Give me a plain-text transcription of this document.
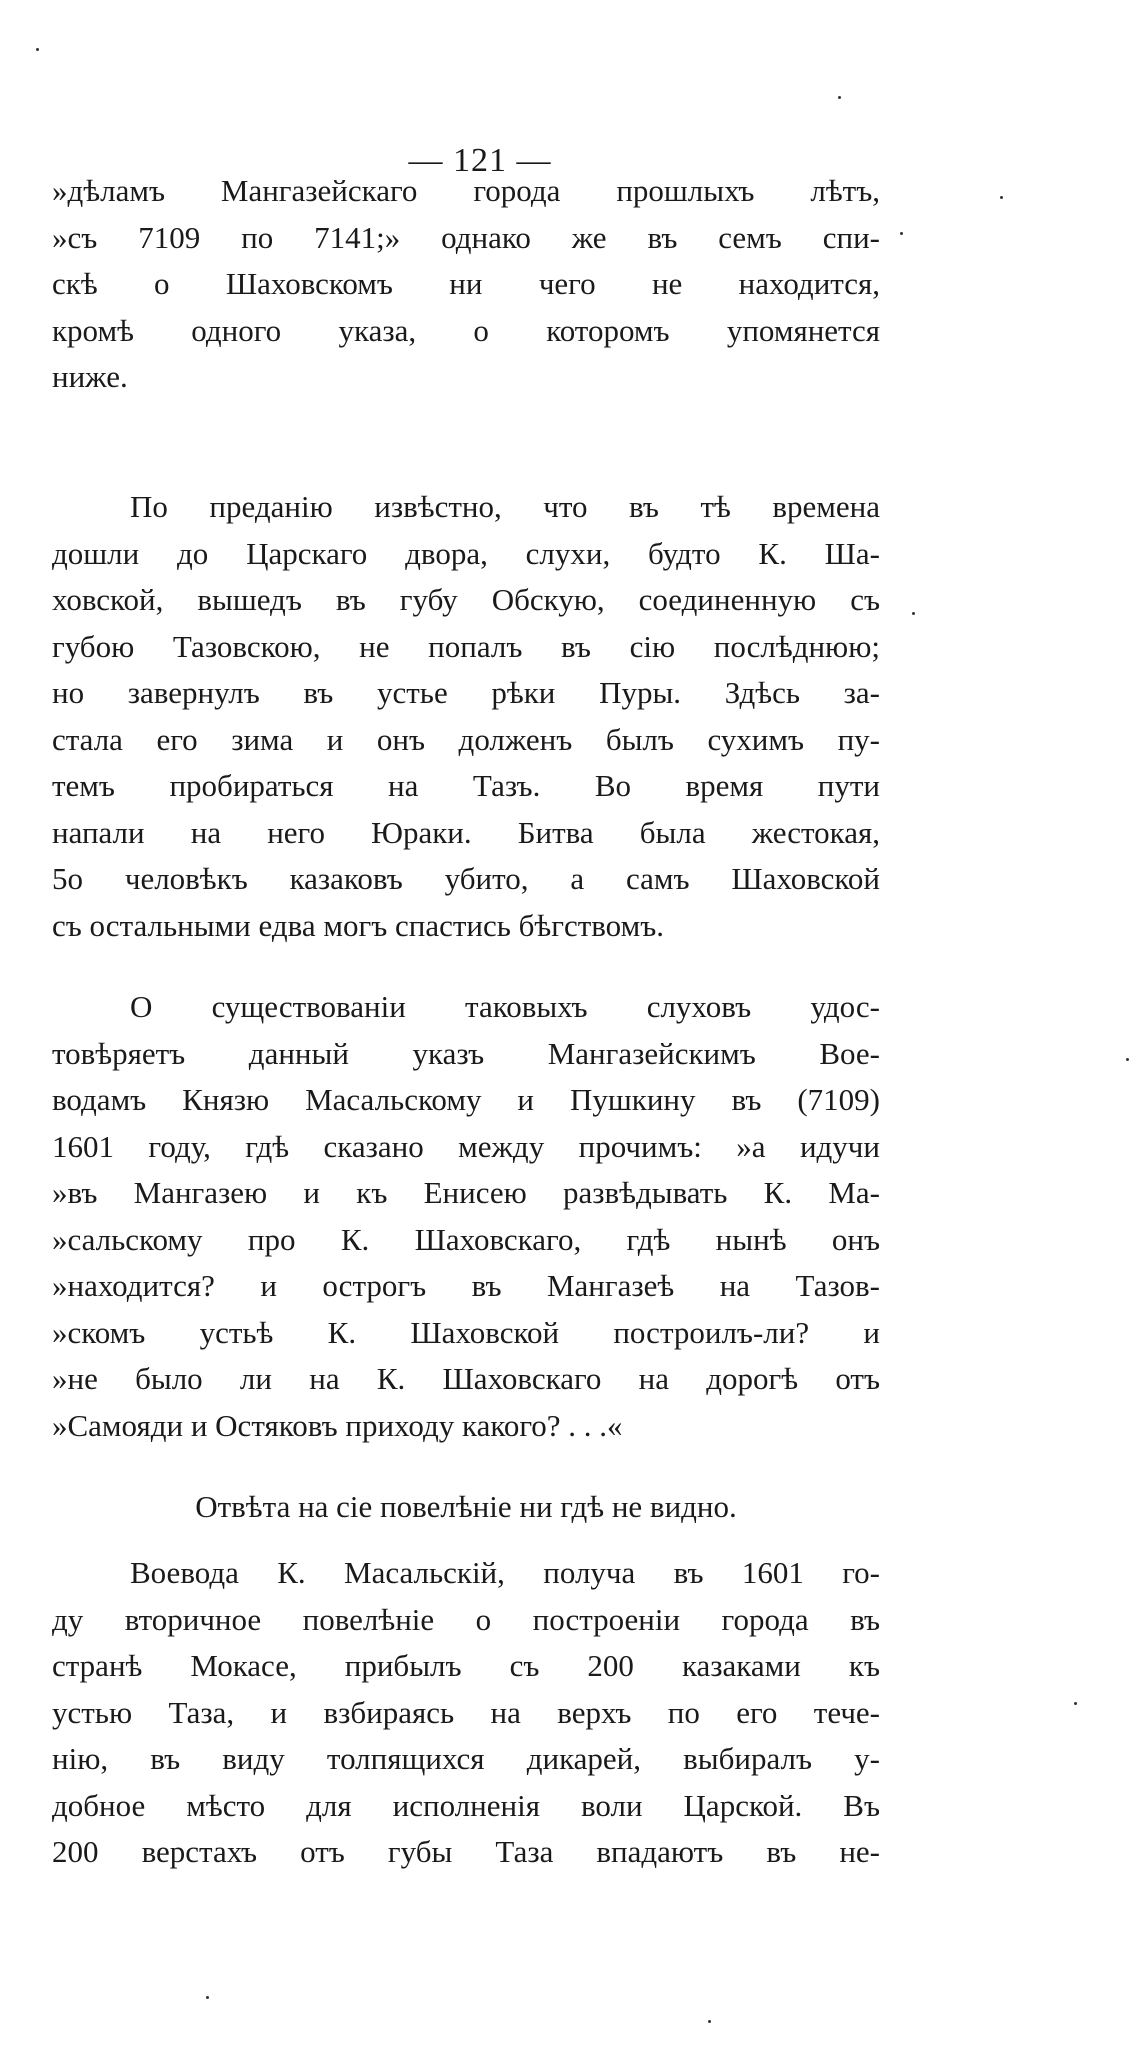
— 121 —
»дѣламъ Мангазейскаго города прошлыхъ лѣтъ,
»съ 7109 по 7141;» однако же въ семъ спи-
скѣ о Шаховскомъ ни чего не находится,
кромѣ одного указа, о которомъ упомянется
ниже.
По преданію извѣстно, что въ тѣ времена
дошли до Царскаго двора, слухи, будто К. Ша-
ховской, вышедъ въ губу Обскую, соединенную съ
губою Тазовскою, не попалъ въ сію послѣднюю;
но завернулъ въ устье рѣки Пуры. Здѣсь за-
стала его зима и онъ долженъ былъ сухимъ пу-
темъ пробираться на Тазъ. Во время пути
напали на него Юраки. Битва была жестокая,
5о человѣкъ казаковъ убито, а самъ Шаховской
съ остальными едва могъ спастись бѣгствомъ.
О существованіи таковыхъ слуховъ удос-
товѣряетъ данный указъ Мангазейскимъ Вое-
водамъ Князю Масальскому и Пушкину въ (7109)
1601 году, гдѣ сказано между прочимъ: »а идучи
»въ Мангазею и къ Енисею развѣдывать К. Ма-
»сальскому про К. Шаховскаго, гдѣ нынѣ онъ
»находится? и острогъ въ Мангазеѣ на Тазов-
»скомъ устьѣ К. Шаховской построилъ-ли? и
»не было ли на К. Шаховскаго на дорогѣ отъ
»Самояди и Остяковъ приходу какого? . . .«
Отвѣта на сіе повелѣніе ни гдѣ не видно.
Воевода К. Масальскій, получа въ 1601 го-
ду вторичное повелѣніе о построеніи города въ
странѣ Мокасе, прибылъ съ 200 казаками къ
устью Таза, и взбираясь на верхъ по его тече-
нію, въ виду толпящихся дикарей, выбиралъ у-
добное мѣсто для исполненія воли Царской. Въ
200 верстахъ отъ губы Таза впадаютъ въ не-
